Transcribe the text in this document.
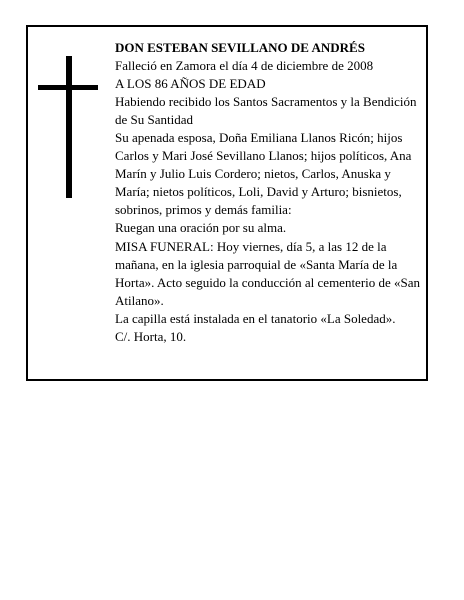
DON ESTEBAN SEVILLANO DE ANDRÉS

Falleció en Zamora el día 4 de diciembre de 2008

A LOS 86 AÑOS DE EDAD

Habiendo recibido los Santos Sacramentos y la Bendición de Su Santidad

Su apenada esposa, Doña Emiliana Llanos Ricón; hijos Carlos y Mari José Sevillano Llanos; hijos políticos, Ana Marín y Julio Luis Cordero; nietos, Carlos, Anuska y María; nietos políticos, Loli, David y Arturo; bisnietos, sobrinos, primos y demás familia:

Ruegan una oración por su alma.

MISA FUNERAL: Hoy viernes, día 5, a las 12 de la mañana, en la iglesia parroquial de «Santa María de la Horta». Acto seguido la conducción al cementerio de «San Atilano».

La capilla está instalada en el tanatorio «La Soledad».

C/. Horta, 10.
